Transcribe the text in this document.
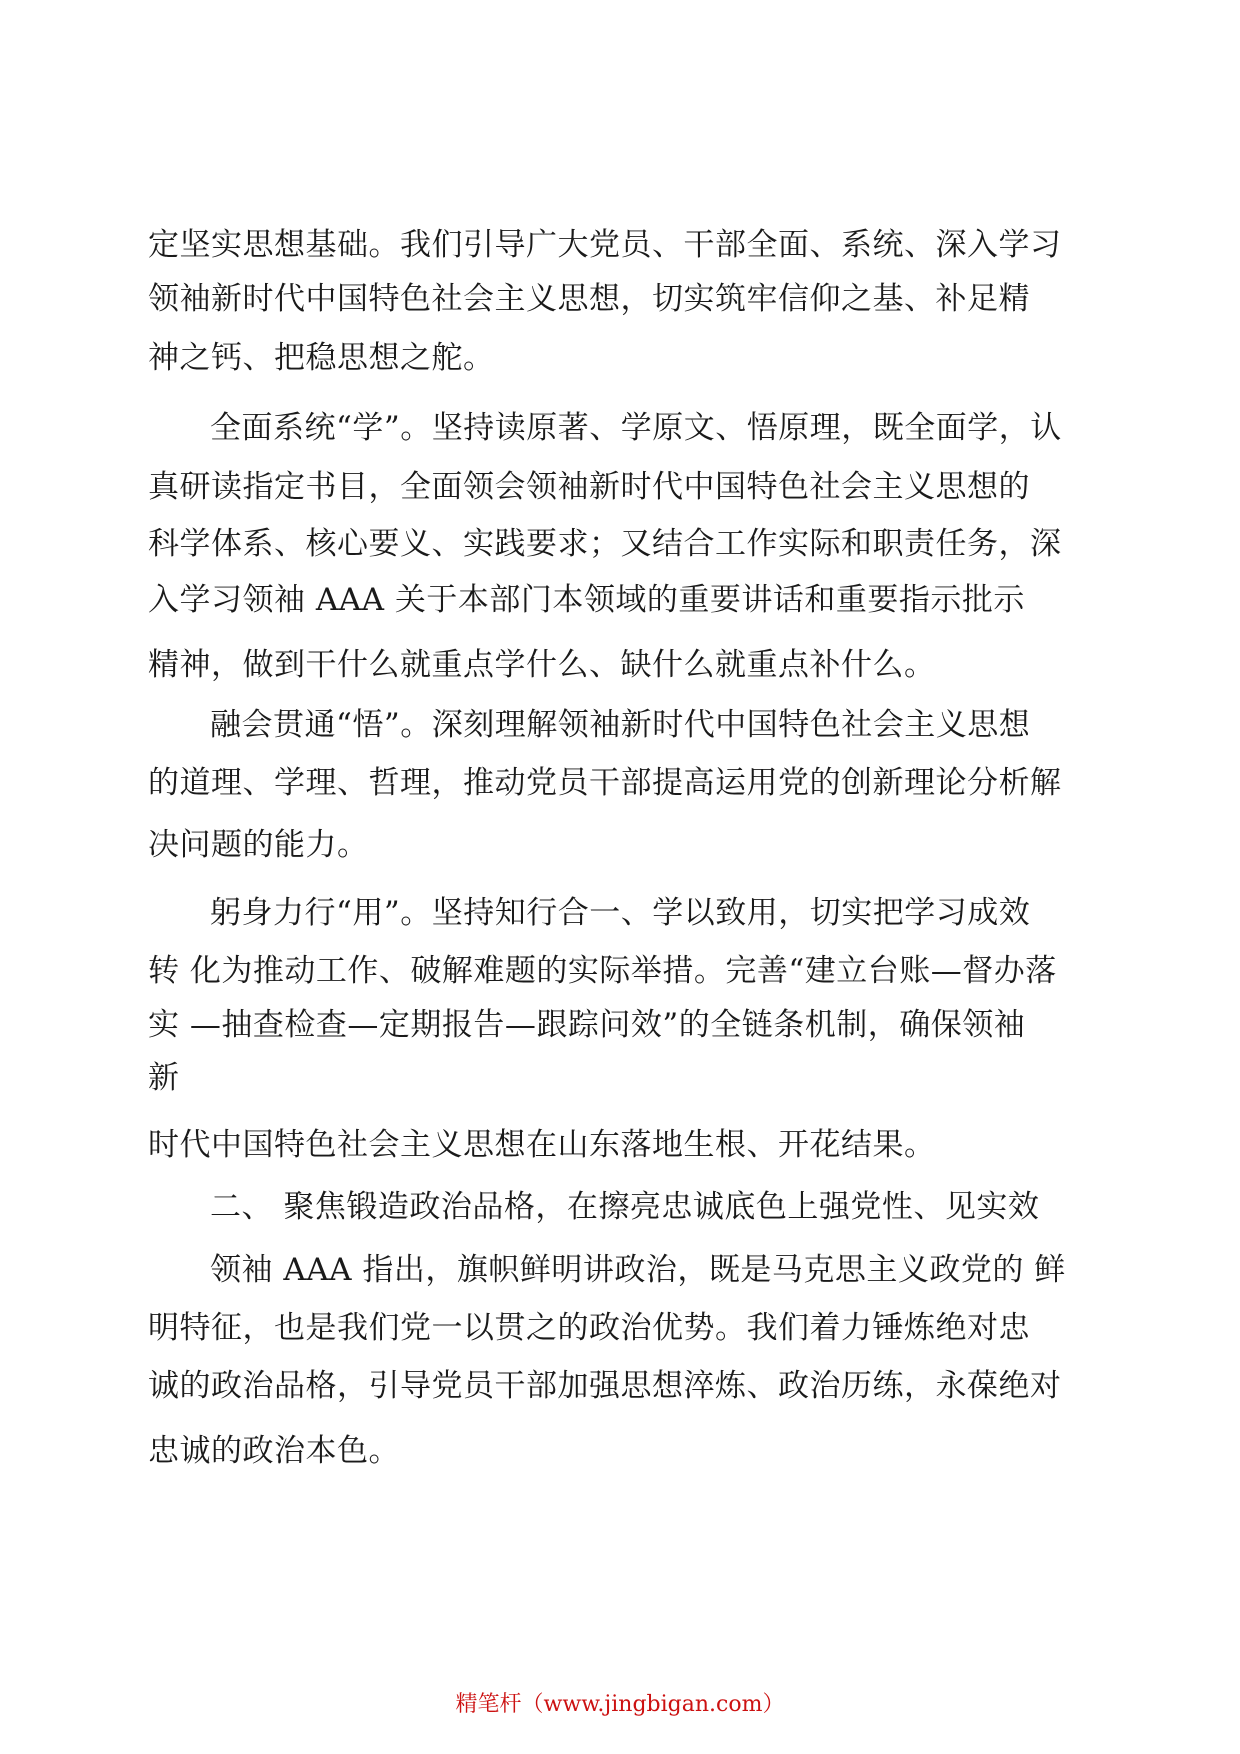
定坚实思想基础。我们引导广大党员、干部全面、系统、深入学习
领袖新时代中国特色社会主义思想，切实筑牢信仰之基、补足精
神之钙、把稳思想之舵。
全面系统“学”。坚持读原著、学原文、悟原理，既全面学，认
真研读指定书目，全面领会领袖新时代中国特色社会主义思想的
科学体系、核心要义、实践要求；又结合工作实际和职责任务，深
入学习领袖 AAA 关于本部门本领域的重要讲话和重要指示批示
精神，做到干什么就重点学什么、缺什么就重点补什么。
融会贯通“悟”。深刻理解领袖新时代中国特色社会主义思想
的道理、学理、哲理，推动党员干部提高运用党的创新理论分析解
决问题的能力。
躬身力行“用”。坚持知行合一、学以致用，切实把学习成效
转 化为推动工作、破解难题的实际举措。完善“建立台账—督办落
实 —抽查检查—定期报告—跟踪问效”的全链条机制，确保领袖
新
时代中国特色社会主义思想在山东落地生根、开花结果。
二、 聚焦锻造政治品格，在擦亮忠诚底色上强党性、见实效
领袖 AAA 指出，旗帜鲜明讲政治，既是马克思主义政党的 鲜
明特征，也是我们党一以贯之的政治优势。我们着力锤炼绝对忠
诚的政治品格，引导党员干部加强思想淬炼、政治历练，永葆绝对
忠诚的政治本色。
精笔杆（www.jingbigan.com）
